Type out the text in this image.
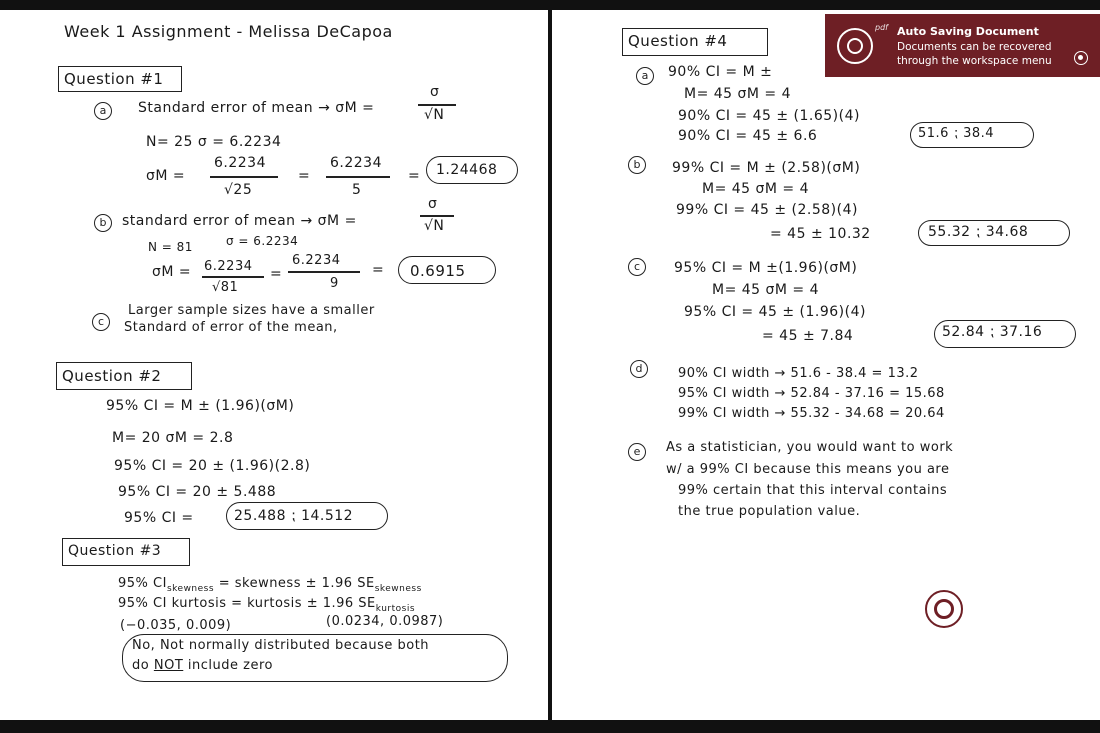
Week 1 Assignment - Melissa DeCapoa
Question #1
a	Standard error of mean → σM =
σ
√N
N= 25 σ = 6.2234
σM =
6.2234
√25
=
6.2234
5
= 1.24468
b	standard error of mean → σM =
σ
√N
N = 81	σ = 6.2234
σM = 6.2234
√81
=
6.2234
9
= 0.6915
c
Larger sample sizes have a smaller
Standard of error of the mean,
Question #2
95% CI = M ± (1.96)(σM)
M= 20 σM = 2.8
95% CI = 20 ± (1.96)(2.8)
95% CI = 20 ± 5.488
95% CI =	25.488 ⁏ 14.512
Question #3
95% $CI_{skewness}$ = skewness ± 1.96 $SE_{skewness}$
95% CI kurtosis = kurtosis ± 1.96 $SE_{kurtosis}$
(−0.035, 0.009)	(0.0234, 0.0987)
No, Not normally distributed because both
do NOT include zero
Question #4
a	90% CI = M ±
M= 45 σM = 4
90% CI = 45 ± (1.65)(4)
90% CI = 45 ± 6.6	51.6 ⁏ 38.4
b	99% CI = M ± (2.58)(σM)
M= 45 σM = 4
99% CI = 45 ± (2.58)(4)
= 45 ± 10.32	55.32 ⁏ 34.68
c	95% CI = M ±(1.96)(σM)
M= 45 σM = 4
95% CI = 45 ± (1.96)(4)
= 45 ± 7.84	52.84 ⁏ 37.16
d	90% CI width → 51.6 - 38.4 = 13.2
95% CI width → 52.84 - 37.16 = 15.68
99% CI width → 55.32 - 34.68 = 20.64
e	As a statistician, you would want to work
w/ a 99% CI because this means you are
99% certain that this interval contains
the true population value.
pdf Auto Saving Document
Documents can be recovered through the workspace menu
